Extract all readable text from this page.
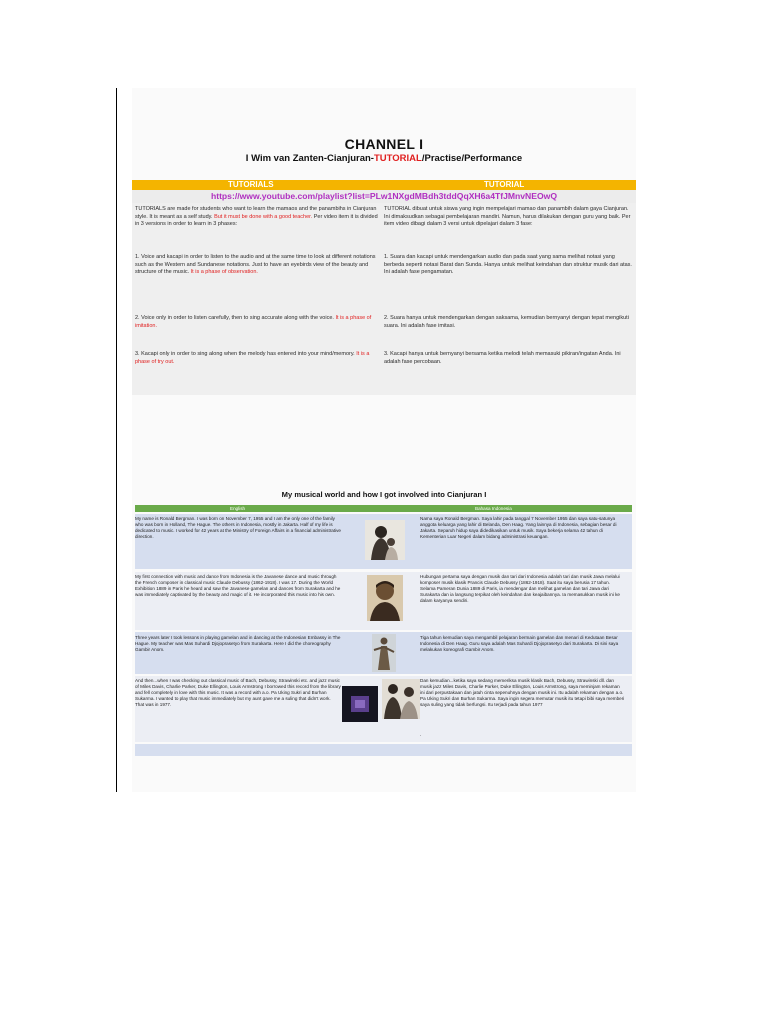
CHANNEL I
I Wim van Zanten-Cianjuran-TUTORIAL/Practise/Performance
TUTORIALS	TUTORIAL
https://www.youtube.com/playlist?list=PLw1NXgdMBdh3tddQqXH6a4TfJMnvNEOwQ
TUTORIALS are made for students who want to learn the mamaos and the panambihs in Cianjuran style. It is meant as a self study. But it must be done with a good teacher. Per video item it is divided in 3 versions in order to learn in 3 phases:
1. Voice and kacapi in order to listen to the audio and at the same time to look at different notations such as the Western and Sundanese notations. Just to have an eyebirds view of the beauty and structure of the music. It is a phase of observation.
2. Voice only in order to listen carefully, then to sing accurate along with the voice. It is a phase of imitation.
3. Kacapi only in order to sing along when the melody has entered into your mind/memory. It is a phase of try out.
TUTORIAL dibuat untuk siswa yang ingin mempelajari mamao dan panambih dalam gaya Cianjuran. Ini dimaksudkan sebagai pembelajaran mandiri. Namun, harus dilakukan dengan guru yang baik. Per item video dibagi dalam 3 versi untuk dipelajari dalam 3 fase:
1. Suara dan kacapi untuk mendengarkan audio dan pada saat yang sama melihat notasi yang berbeda seperti notasi Barat dan Sunda. Hanya untuk melihat keindahan dan struktur musik dari atas. Ini adalah fase pengamatan.
2. Suara hanya untuk mendengarkan dengan saksama, kemudian bernyanyi dengan tepat mengikuti suara. Ini adalah fase imitasi.
3. Kacapi hanya untuk bernyanyi bersama ketika melodi telah memasuki pikiran/ingatan Anda. Ini adalah fase percobaan.
My musical world and how I got involved into Cianjuran I
English	Bahasa Indonesia
My name is Ronald Bergman. I was born on November 7, 1955 and I am the only one of the family who was born in Holland, The Hague. The others in Indonesia, mostly in Jakarta. Half of my life is dedicated to music. I worked for 42 years at the Ministry of Foreign Affairs in a financial administrative direction.
Nama saya Ronald Bergman. Saya lahir pada tanggal 7 November 1955 dan saya satu-satunya anggota keluarga yang lahir di Belanda, Den Haag. Yang lainnya di Indonesia, sebagian besar di Jakarta. Separuh hidup saya didedikasikan untuk musik. Saya bekerja selama 42 tahun di Kementerian Luar Negeri dalam bidang administrasi keuangan.
My first connection with music and dance from Indonesia is the Javanese dance and music through the French composer in classical music Claude Debussy (1862-1918). I was 17. During the World Exhibition 1889 in Paris he heard and saw the Javanese gamelan and dances from Surakarta and he was immediately captivated by the beauty and magic of it. He incorporated this music into his own.
Hubungan pertama saya dengan musik dan tari dari Indonesia adalah tari dan musik Jawa melalui komposer musik klasik Prancis Claude Debussy (1862-1918). Saat itu saya berusia 17 tahun. Selama Pameran Dunia 1889 di Paris, ia mendengar dan melihat gamelan dan tari Jawa dari Surakarta dan ia langsung terpikat oleh keindahan dan keajaibannya. Ia memasukkan musik ini ke dalam karyanya sendiri.
Three years later I took lessons in playing gamelan and in dancing at the Indonesian Embassy in The Hague. My teacher was Mas Suhardi Djojoprasetyo from Surakarta. Here I did the choreography Gambir Anom.
Tiga tahun kemudian saya mengambil pelajaran bermain gamelan dan menari di Kedutaan Besar Indonesia di Den Haag. Guru saya adalah Mas Suhardi Djojoprasetyo dari Surakarta. Di sini saya melakukan koreografi Gambir Anom.
And then...when I was checking out classical music of Bach, Debussy, Strawinski etc. and jazz music of Miles Davis, Charlie Parker, Duke Ellington, Louis Armstrong I borrowed this record from the library and fell completely in love with this music. It was a record with a.o. Pa Uking Sukri and Burhan Sukarma. I wanted to play that music immediately but my aunt gave me a suling that didn't work. That was in 1977.
Dan kemudian...ketika saya sedang memeriksa musik klasik Bach, Debussy, Strawinski dll. dan musik jazz Miles Davis, Charlie Parker, Duke Ellington, Louis Armstrong, saya meminjam rekaman ini dari perpustakaan dan jatuh cinta sepenuhnya dengan musik ini. Itu adalah rekaman dengan a.o. Pa Uking Sukri dan Burhan Sukarma. Saya ingin segera memutar musik itu tetapi bibi saya memberi saya suling yang tidak berfungsi. Itu terjadi pada tahun 1977
.
